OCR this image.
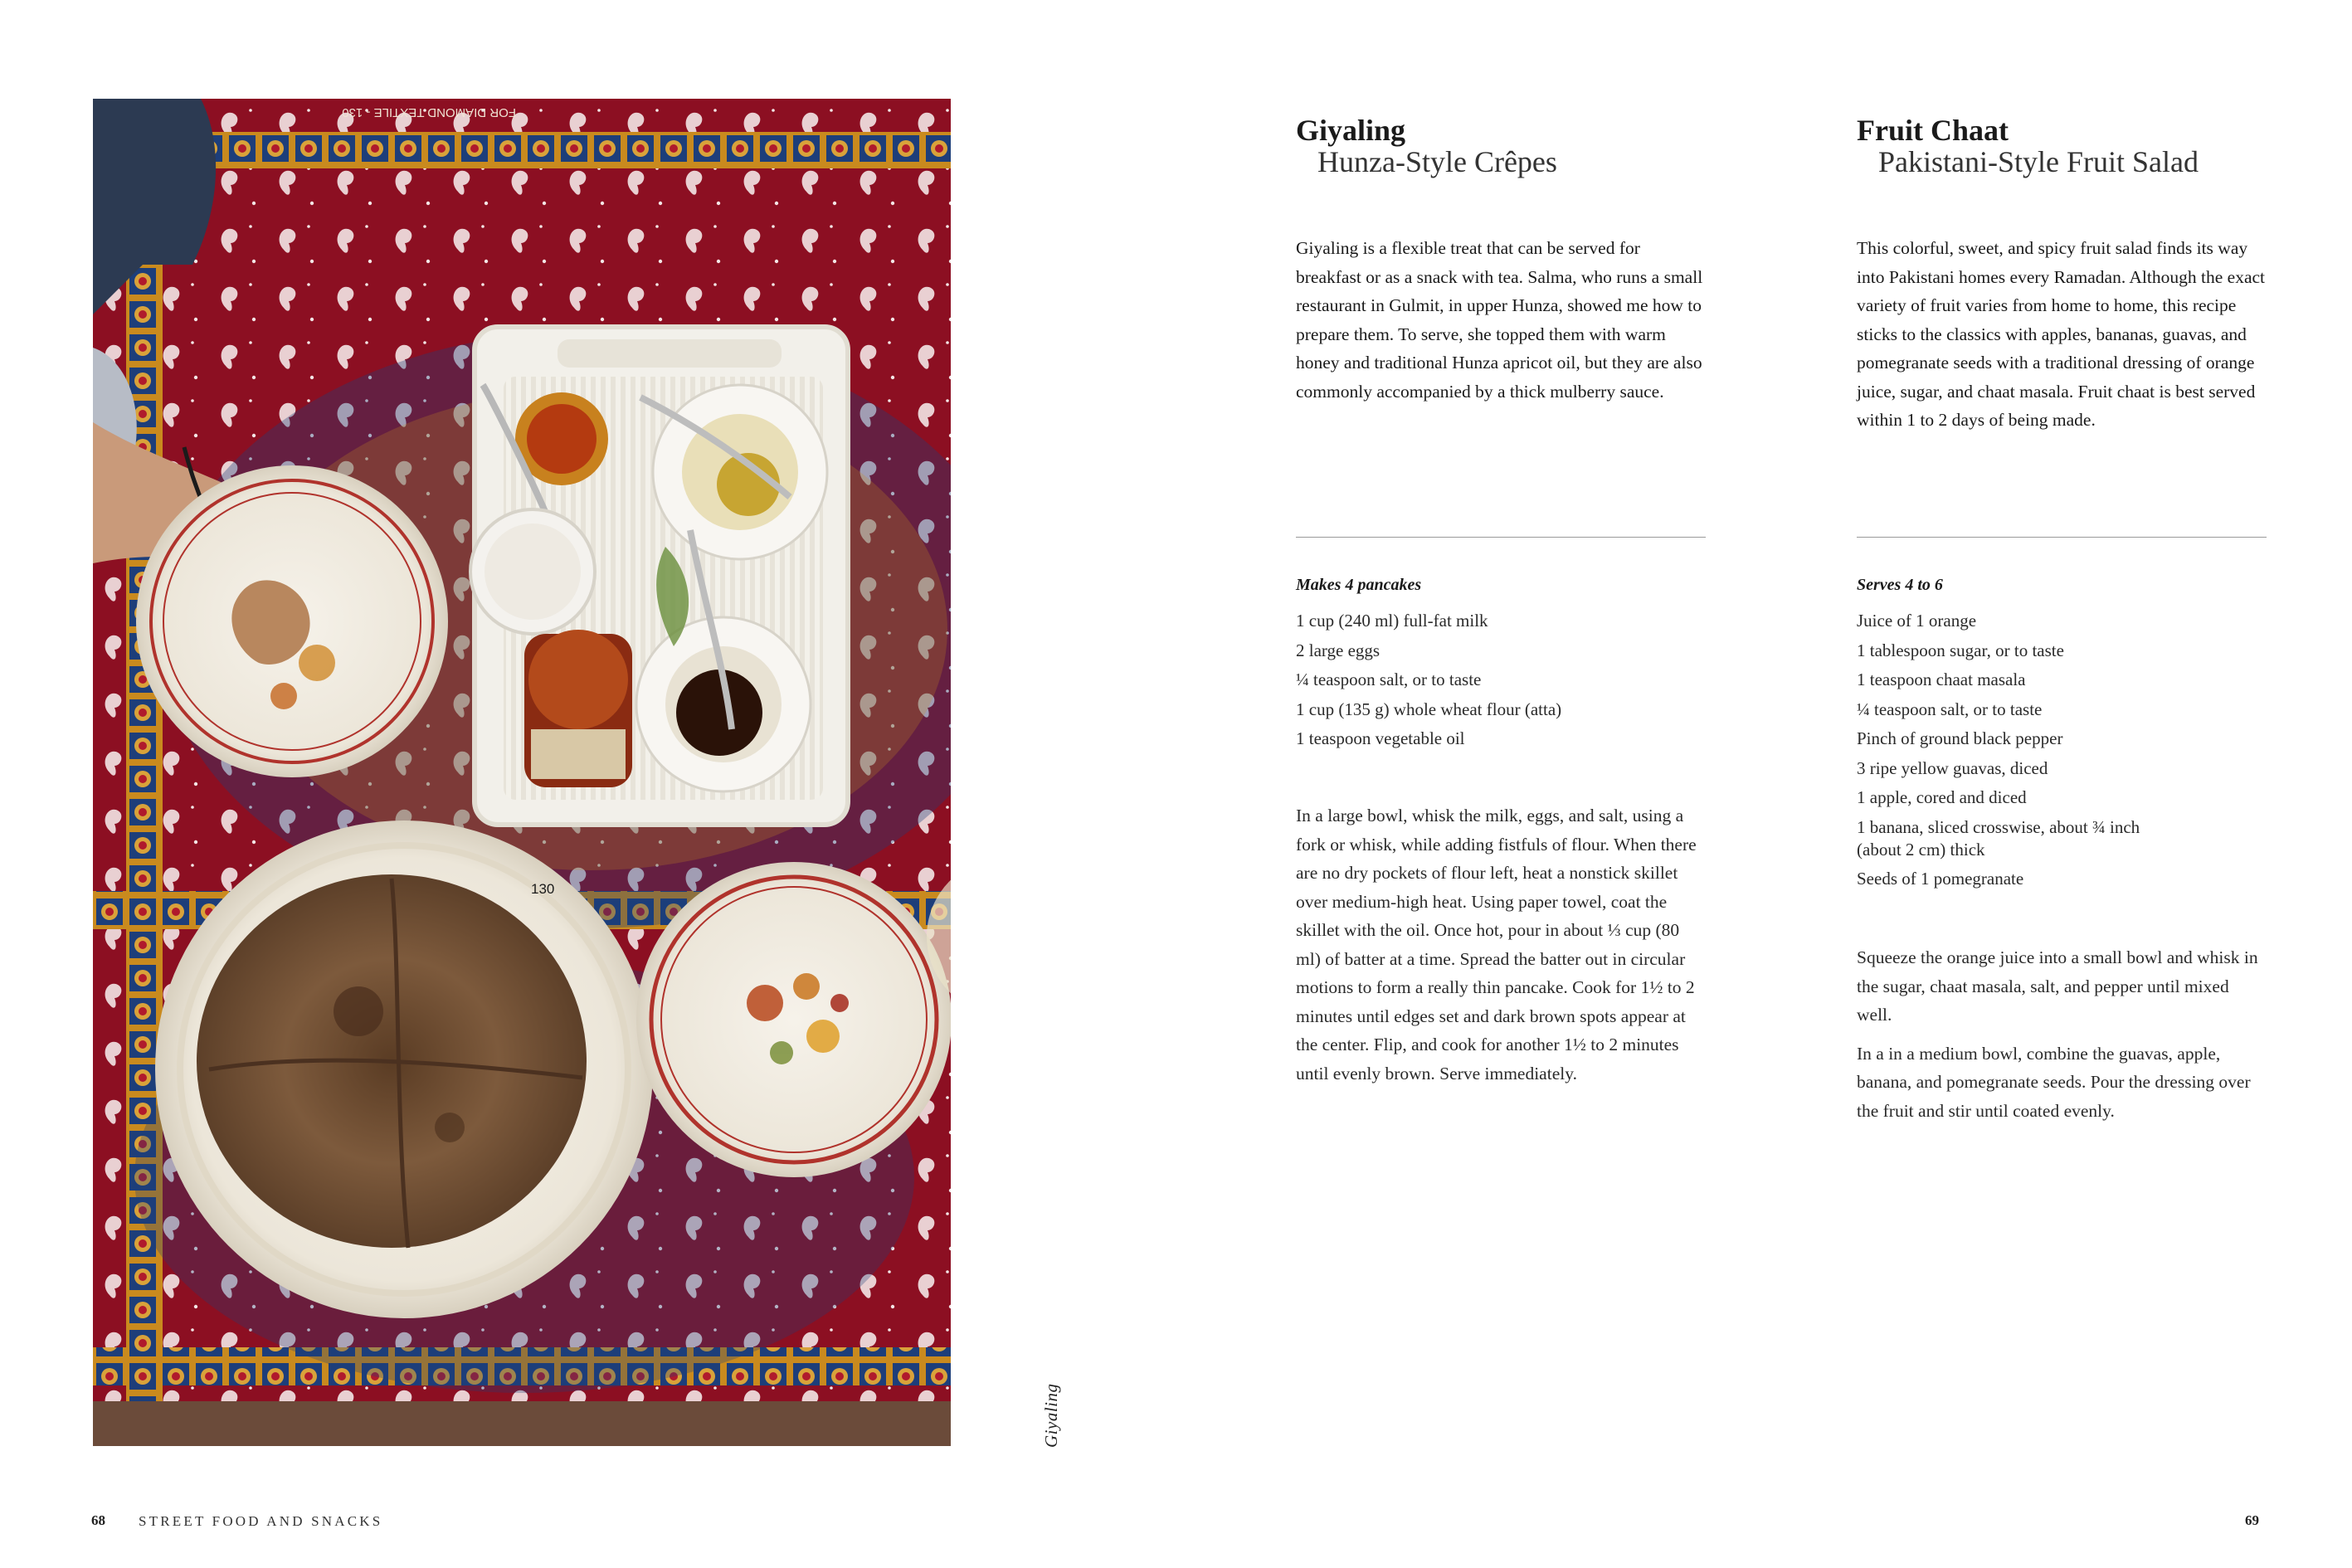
FOR DIAMOND TEXTILE - 130
130
Giyaling
68 STREET FOOD AND SNACKS
Giyaling
Hunza-Style Crêpes

Giyaling is a flexible treat that can be served for breakfast or as a snack with tea. Salma, who runs a small restaurant in Gulmit, in upper Hunza, showed me how to prepare them. To serve, she topped them with warm honey and traditional Hunza apricot oil, but they are also commonly accompanied by a thick mulberry sauce.

Makes 4 pancakes

1 cup (240 ml) full-fat milk
2 large eggs
¼ teaspoon salt, or to taste
1 cup (135 g) whole wheat flour (atta)
1 teaspoon vegetable oil

In a large bowl, whisk the milk, eggs, and salt, using a fork or whisk, while adding fistfuls of flour. When there are no dry pockets of flour left, heat a nonstick skillet over medium-high heat. Using paper towel, coat the skillet with the oil. Once hot, pour in about ⅓ cup (80 ml) of batter at a time. Spread the batter out in circular motions to form a really thin pancake. Cook for 1½ to 2 minutes until edges set and dark brown spots appear at the center. Flip, and cook for another 1½ to 2 minutes until evenly brown. Serve immediately.

Fruit Chaat
Pakistani-Style Fruit Salad

This colorful, sweet, and spicy fruit salad finds its way into Pakistani homes every Ramadan. Although the exact variety of fruit varies from home to home, this recipe sticks to the classics with apples, bananas, guavas, and pomegranate seeds with a traditional dressing of orange juice, sugar, and chaat masala. Fruit chaat is best served within 1 to 2 days of being made.

Serves 4 to 6

Juice of 1 orange
1 tablespoon sugar, or to taste
1 teaspoon chaat masala
¼ teaspoon salt, or to taste
Pinch of ground black pepper
3 ripe yellow guavas, diced
1 apple, cored and diced
1 banana, sliced crosswise, about ¾ inch
(about 2 cm) thick
Seeds of 1 pomegranate

Squeeze the orange juice into a small bowl and whisk in the sugar, chaat masala, salt, and pepper until mixed well.

In a in a medium bowl, combine the guavas, apple, banana, and pomegranate seeds. Pour the dressing over the fruit and stir until coated evenly.

69
